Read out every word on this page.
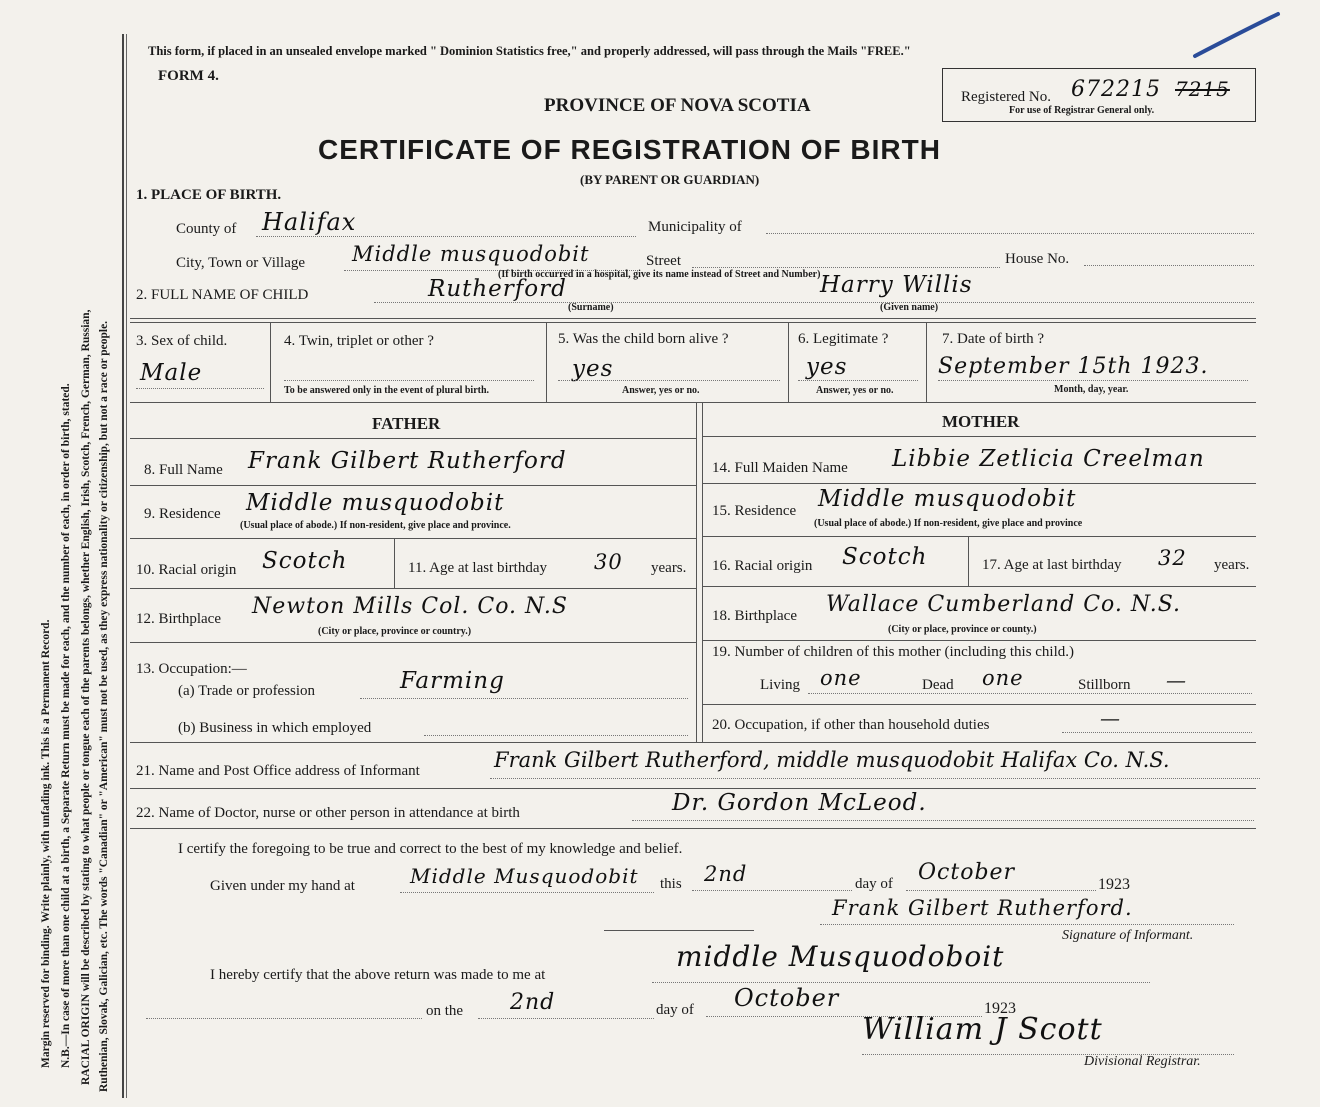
Margin reserved for binding. Write plainly, with unfading ink. This is a Permanent Record. N.B.—In case of more than one child at a birth, a Separate Return must be made for each, and the number of each, in order of birth, stated. RACIAL ORIGIN will be described by stating to what people or tongue each of the parents belongs, whether English, Irish, Scotch, French, German, Russian, Ruthenian, Slovak, Galician, etc. The words "Canadian" or "American" must not be used, as they express nationality or citizenship, but not a race or people.
This form, if placed in an unsealed envelope marked " Dominion Statistics free," and properly addressed, will pass through the Mails "FREE."
FORM 4.
PROVINCE OF NOVA SCOTIA
CERTIFICATE OF REGISTRATION OF BIRTH
(BY PARENT OR GUARDIAN)
Registered No. 672215 7215
For use of Registrar General only.
1. PLACE OF BIRTH.
County of Halifax	Municipality of
City, Town or Village Middle musquodobit	Street	House No.
(If birth occurred in a hospital, give its name instead of Street and Number)
2. FULL NAME OF CHILD	Rutherford
(Surname)
Harry Willis
(Given name)
3. Sex of child.
Male
4. Twin, triplet or other ?
To be answered only in the event of plural birth.
5. Was the child born alive ?
yes
Answer, yes or no.
6. Legitimate ?
yes
Answer, yes or no.
7. Date of birth ?
September 15th 1923.
Month, day, year.
FATHER	MOTHER
8. Full Name Frank Gilbert Rutherford	14. Full Maiden Name Libbie Zetlicia Creelman
9. Residence Middle musquodobit
(Usual place of abode.) If non-resident, give place and province.
15. Residence Middle musquodobit
(Usual place of abode.) If non-resident, give place and province
10. Racial origin Scotch	11. Age at last birthday 30 years. 16. Racial origin Scotch	17. Age at last birthday 32 years.
12. Birthplace Newton Mills Col. Co. N.S
(City or place, province or country.)
18. Birthplace Wallace Cumberland Co. N.S.
(City or place, province or county.)
13. Occupation:—
(a) Trade or profession	Farming
(b) Business in which employed
19. Number of children of this mother (including this child.)
Living one	Dead one	Stillborn —
20. Occupation, if other than household duties	—
21. Name and Post Office address of Informant	Frank Gilbert Rutherford, middle musquodobit Halifax Co. N.S.
22. Name of Doctor, nurse or other person in attendance at birth	Dr. Gordon McLeod.
I certify the foregoing to be true and correct to the best of my knowledge and belief.
Given under my hand at	Middle Musquodobit this 2nd	day of October	1923
Frank Gilbert Rutherford.
Signature of Informant.
I hereby certify that the above return was made to me at
middle Musquodoboit
on the 2nd	day of October	1923
William J Scott
Divisional Registrar.
